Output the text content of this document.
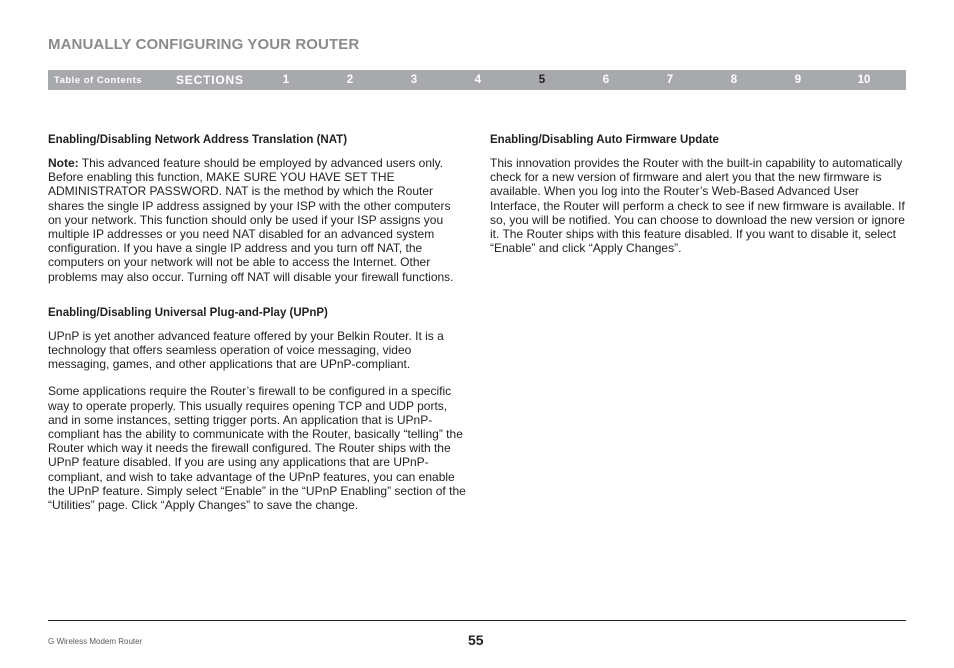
MANUALLY CONFIGURING YOUR ROUTER
Table of Contents	SECTIONS	1	2	3	4	5	6	7	8	9	10
Enabling/Disabling Network Address Translation (NAT)

Note: This advanced feature should be employed by advanced users only. Before enabling this function, MAKE SURE YOU HAVE SET THE ADMINISTRATOR PASSWORD. NAT is the method by which the Router shares the single IP address assigned by your ISP with the other computers on your network. This function should only be used if your ISP assigns you multiple IP addresses or you need NAT disabled for an advanced system configuration. If you have a single IP address and you turn off NAT, the computers on your network will not be able to access the Internet. Other problems may also occur. Turning off NAT will disable your firewall functions.

Enabling/Disabling Universal Plug-and-Play (UPnP)

UPnP is yet another advanced feature offered by your Belkin Router. It is a technology that offers seamless operation of voice messaging, video messaging, games, and other applications that are UPnP-compliant.

Some applications require the Router’s firewall to be configured in a specific way to operate properly. This usually requires opening TCP and UDP ports, and in some instances, setting trigger ports. An application that is UPnP-compliant has the ability to communicate with the Router, basically “telling” the Router which way it needs the firewall configured. The Router ships with the UPnP feature disabled. If you are using any applications that are UPnP-compliant, and wish to take advantage of the UPnP features, you can enable the UPnP feature. Simply select “Enable” in the “UPnP Enabling” section of the “Utilities” page. Click “Apply Changes” to save the change.

Enabling/Disabling Auto Firmware Update

This innovation provides the Router with the built-in capability to automatically check for a new version of firmware and alert you that the new firmware is available. When you log into the Router’s Web-Based Advanced User Interface, the Router will perform a check to see if new firmware is available. If so, you will be notified. You can choose to download the new version or ignore it. The Router ships with this feature disabled. If you want to disable it, select “Enable” and click “Apply Changes”.

G Wireless Modem Router	55
